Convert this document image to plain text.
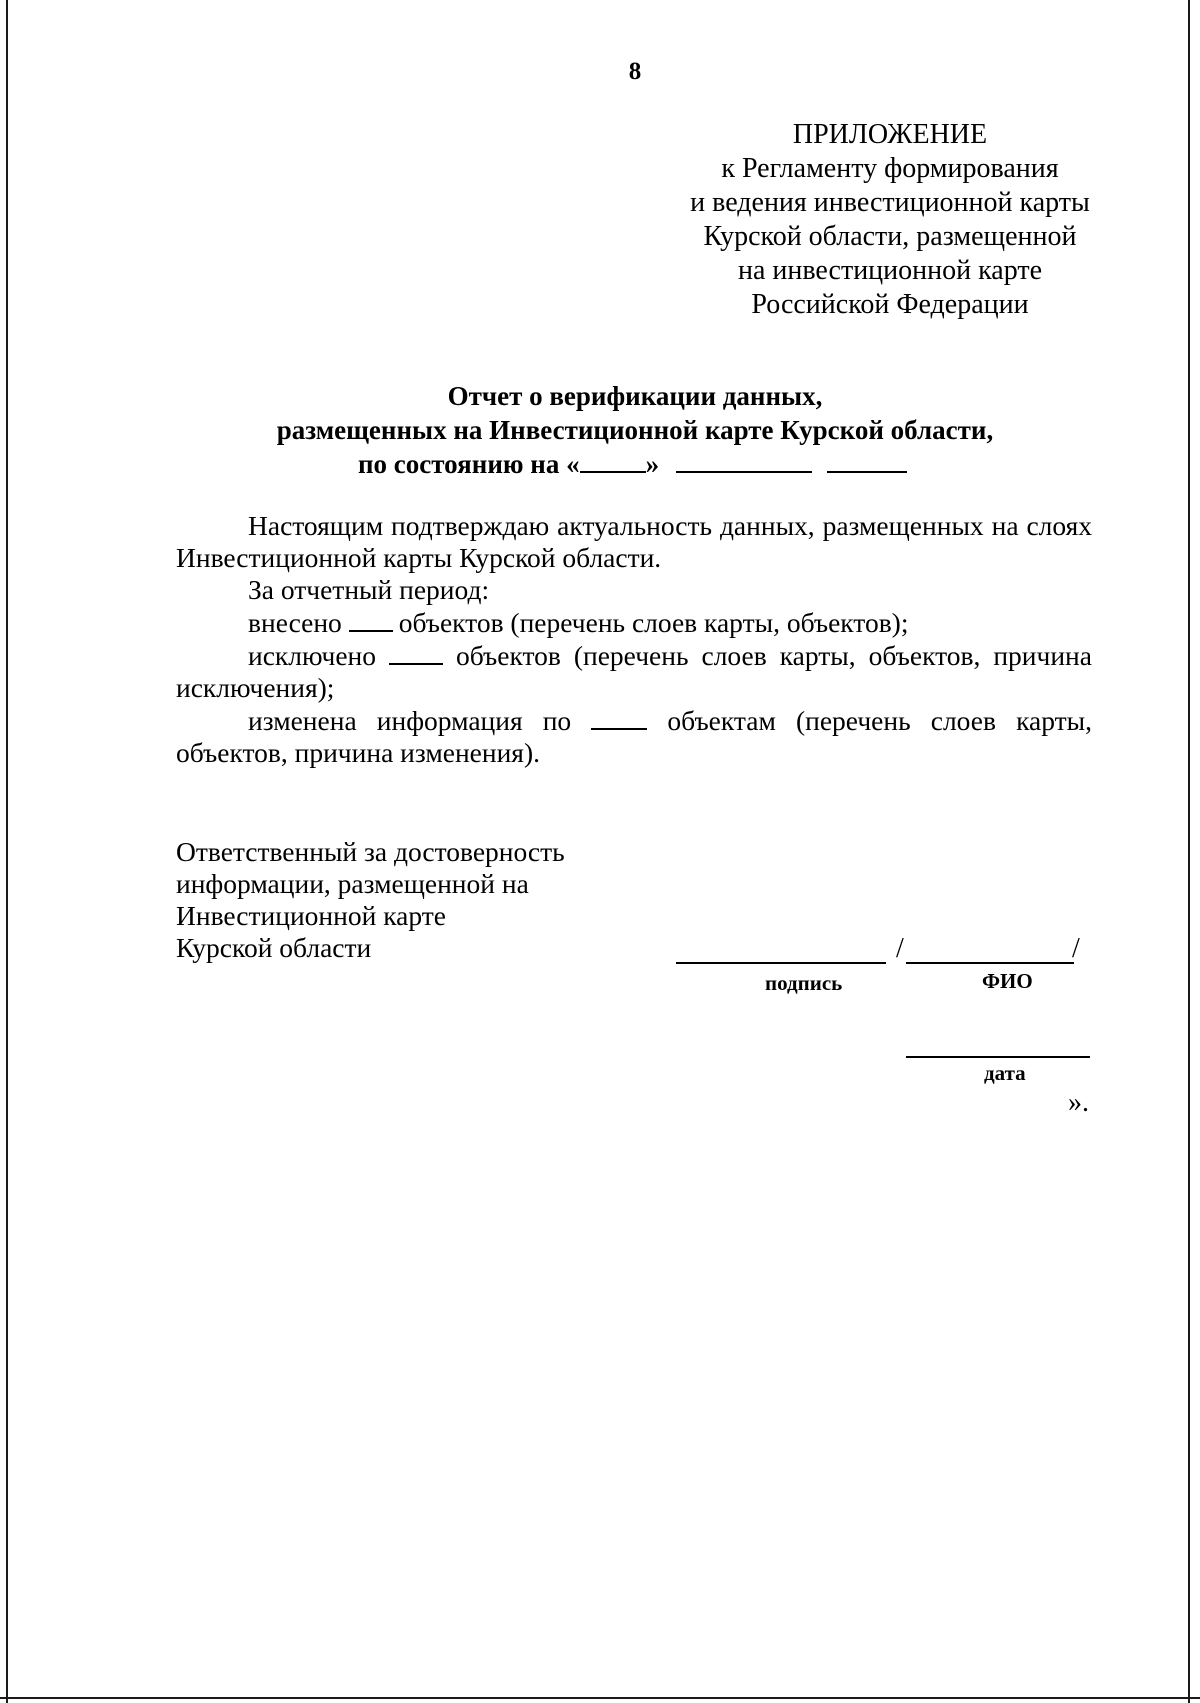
8
ПРИЛОЖЕНИЕ
к Регламенту формирования
и ведения инвестиционной карты
Курской области, размещенной
на инвестиционной карте
Российской Федерации
Отчет о верификации данных,
размещенных на Инвестиционной карте Курской области,
по состоянию на « »
Настоящим подтверждаю актуальность данных, размещенных на слоях
Инвестиционной карты Курской области.
За отчетный период:
внесено объектов (перечень слоев карты, объектов);
исключено	объектов (перечень слоев карты, объектов, причина
исключения);
изменена информация по	объектам (перечень слоев карты,
объектов, причина изменения).
Ответственный за достоверность
информации, размещенной на
Инвестиционной карте
Курской области	/	/
подпись	ФИО
дата
».
